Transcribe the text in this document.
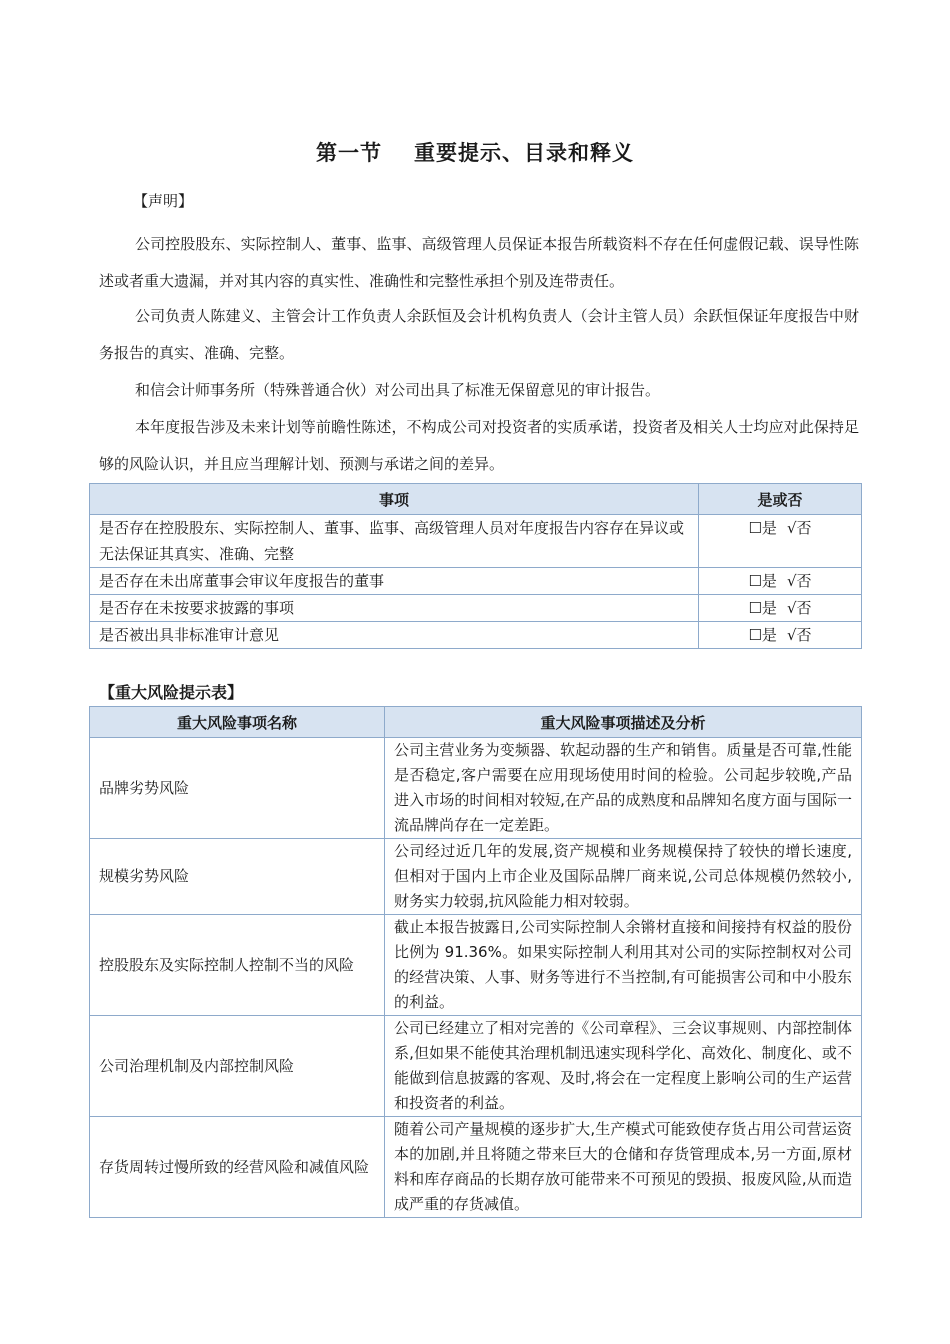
第一节 重要提示、目录和释义
【声明】

公司控股股东、实际控制人、董事、监事、高级管理人员保证本报告所载资料不存在任何虚假记载、误导性陈述或者重大遗漏，并对其内容的真实性、准确性和完整性承担个别及连带责任。

公司负责人陈建义、主管会计工作负责人余跃恒及会计机构负责人（会计主管人员）余跃恒保证年度报告中财务报告的真实、准确、完整。

和信会计师事务所（特殊普通合伙）对公司出具了标准无保留意见的审计报告。

本年度报告涉及未来计划等前瞻性陈述，不构成公司对投资者的实质承诺，投资者及相关人士均应对此保持足够的风险认识，并且应当理解计划、预测与承诺之间的差异。

事项	是或否
是否存在控股股东、实际控制人、董事、监事、高级管理人员对年度报告内容存在异议或无法保证其真实、准确、完整	☐是 √否
是否存在未出席董事会审议年度报告的董事	☐是 √否
是否存在未按要求披露的事项	☐是 √否
是否被出具非标准审计意见	☐是 √否
【重大风险提示表】
重大风险事项名称	重大风险事项描述及分析
品牌劣势风险	公司主营业务为变频器、软起动器的生产和销售。质量是否可靠,性能是否稳定,客户需要在应用现场使用时间的检验。公司起步较晚,产品进入市场的时间相对较短,在产品的成熟度和品牌知名度方面与国际一流品牌尚存在一定差距。
规模劣势风险	公司经过近几年的发展,资产规模和业务规模保持了较快的增长速度,但相对于国内上市企业及国际品牌厂商来说,公司总体规模仍然较小,财务实力较弱,抗风险能力相对较弱。
控股股东及实际控制人控制不当的风险	截止本报告披露日,公司实际控制人余锵材直接和间接持有权益的股份比例为 91.36%。如果实际控制人利用其对公司的实际控制权对公司的经营决策、人事、财务等进行不当控制,有可能损害公司和中小股东的利益。
公司治理机制及内部控制风险	公司已经建立了相对完善的《公司章程》、三会议事规则、内部控制体系,但如果不能使其治理机制迅速实现科学化、高效化、制度化、或不能做到信息披露的客观、及时,将会在一定程度上影响公司的生产运营和投资者的利益。
存货周转过慢所致的经营风险和减值风险	随着公司产量规模的逐步扩大,生产模式可能致使存货占用公司营运资本的加剧,并且将随之带来巨大的仓储和存货管理成本,另一方面,原材料和库存商品的长期存放可能带来不可预见的毁损、报废风险,从而造成严重的存货减值。
